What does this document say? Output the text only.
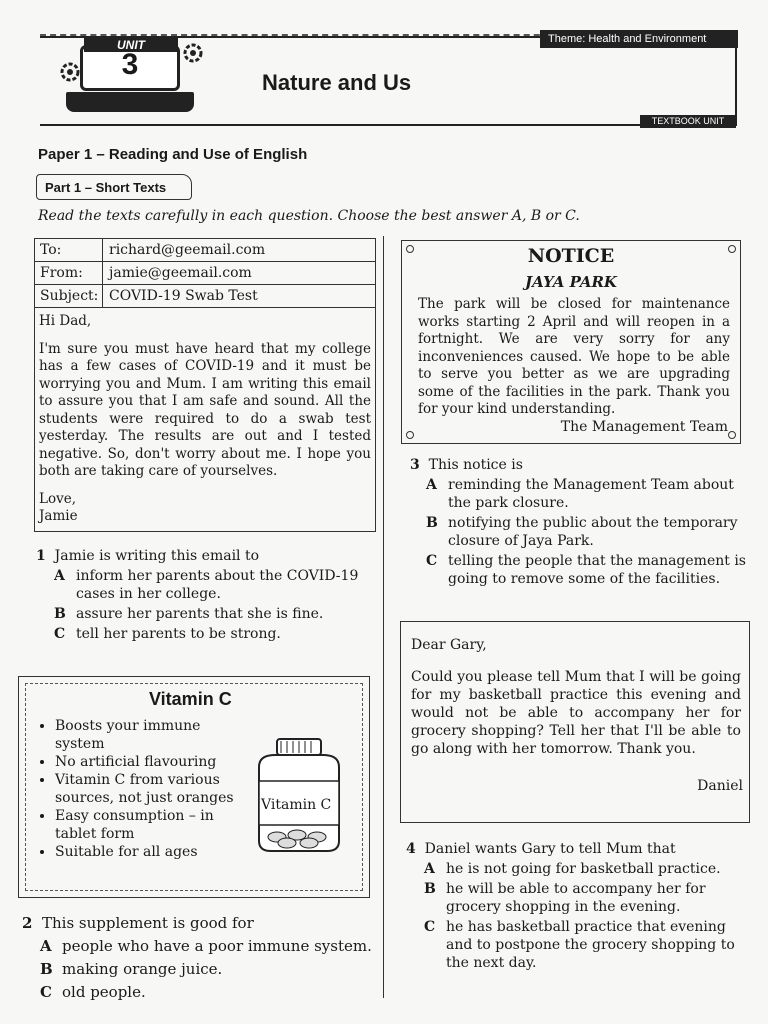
Theme: Health and Environment
UNIT
3
Nature and Us
TEXTBOOK UNIT
Paper 1 – Reading and Use of English
Part 1 – Short Texts
Read the texts carefully in each question. Choose the best answer A, B or C.
To:	richard@geemail.com
From:	jamie@geemail.com
Subject: COVID-19 Swab Test

Hi Dad,

I'm sure you must have heard that my college has a few cases of COVID-19 and it must be worrying you and Mum. I am writing this email to assure you that I am safe and sound. All the students were required to do a swab test yesterday. The results are out and I tested negative. So, don't worry about me. I hope you both are taking care of yourselves.

Love,
Jamie
1 Jamie is writing this email to
A inform her parents about the COVID-19 cases in her college.
B assure her parents that she is fine.
C tell her parents to be strong.
Vitamin C
• Boosts your immune system
• No artificial flavouring
• Vitamin C from various sources, not just oranges
• Easy consumption – in tablet form
• Suitable for all ages
Vitamin C
2 This supplement is good for
A people who have a poor immune system.
B making orange juice.
C old people.
NOTICE
JAYA PARK
The park will be closed for maintenance works starting 2 April and will reopen in a fortnight. We are very sorry for any inconveniences caused. We hope to be able to serve you better as we are upgrading some of the facilities in the park. Thank you for your kind understanding.
The Management Team
3 This notice is
A reminding the Management Team about the park closure.
B notifying the public about the temporary closure of Jaya Park.
C telling the people that the management is going to remove some of the facilities.

Dear Gary,

Could you please tell Mum that I will be going for my basketball practice this evening and would not be able to accompany her for grocery shopping? Tell her that I'll be able to go along with her tomorrow. Thank you.

Daniel
4 Daniel wants Gary to tell Mum that
A he is not going for basketball practice.
B he will be able to accompany her for grocery shopping in the evening.
C he has basketball practice that evening and to postpone the grocery shopping to the next day.
